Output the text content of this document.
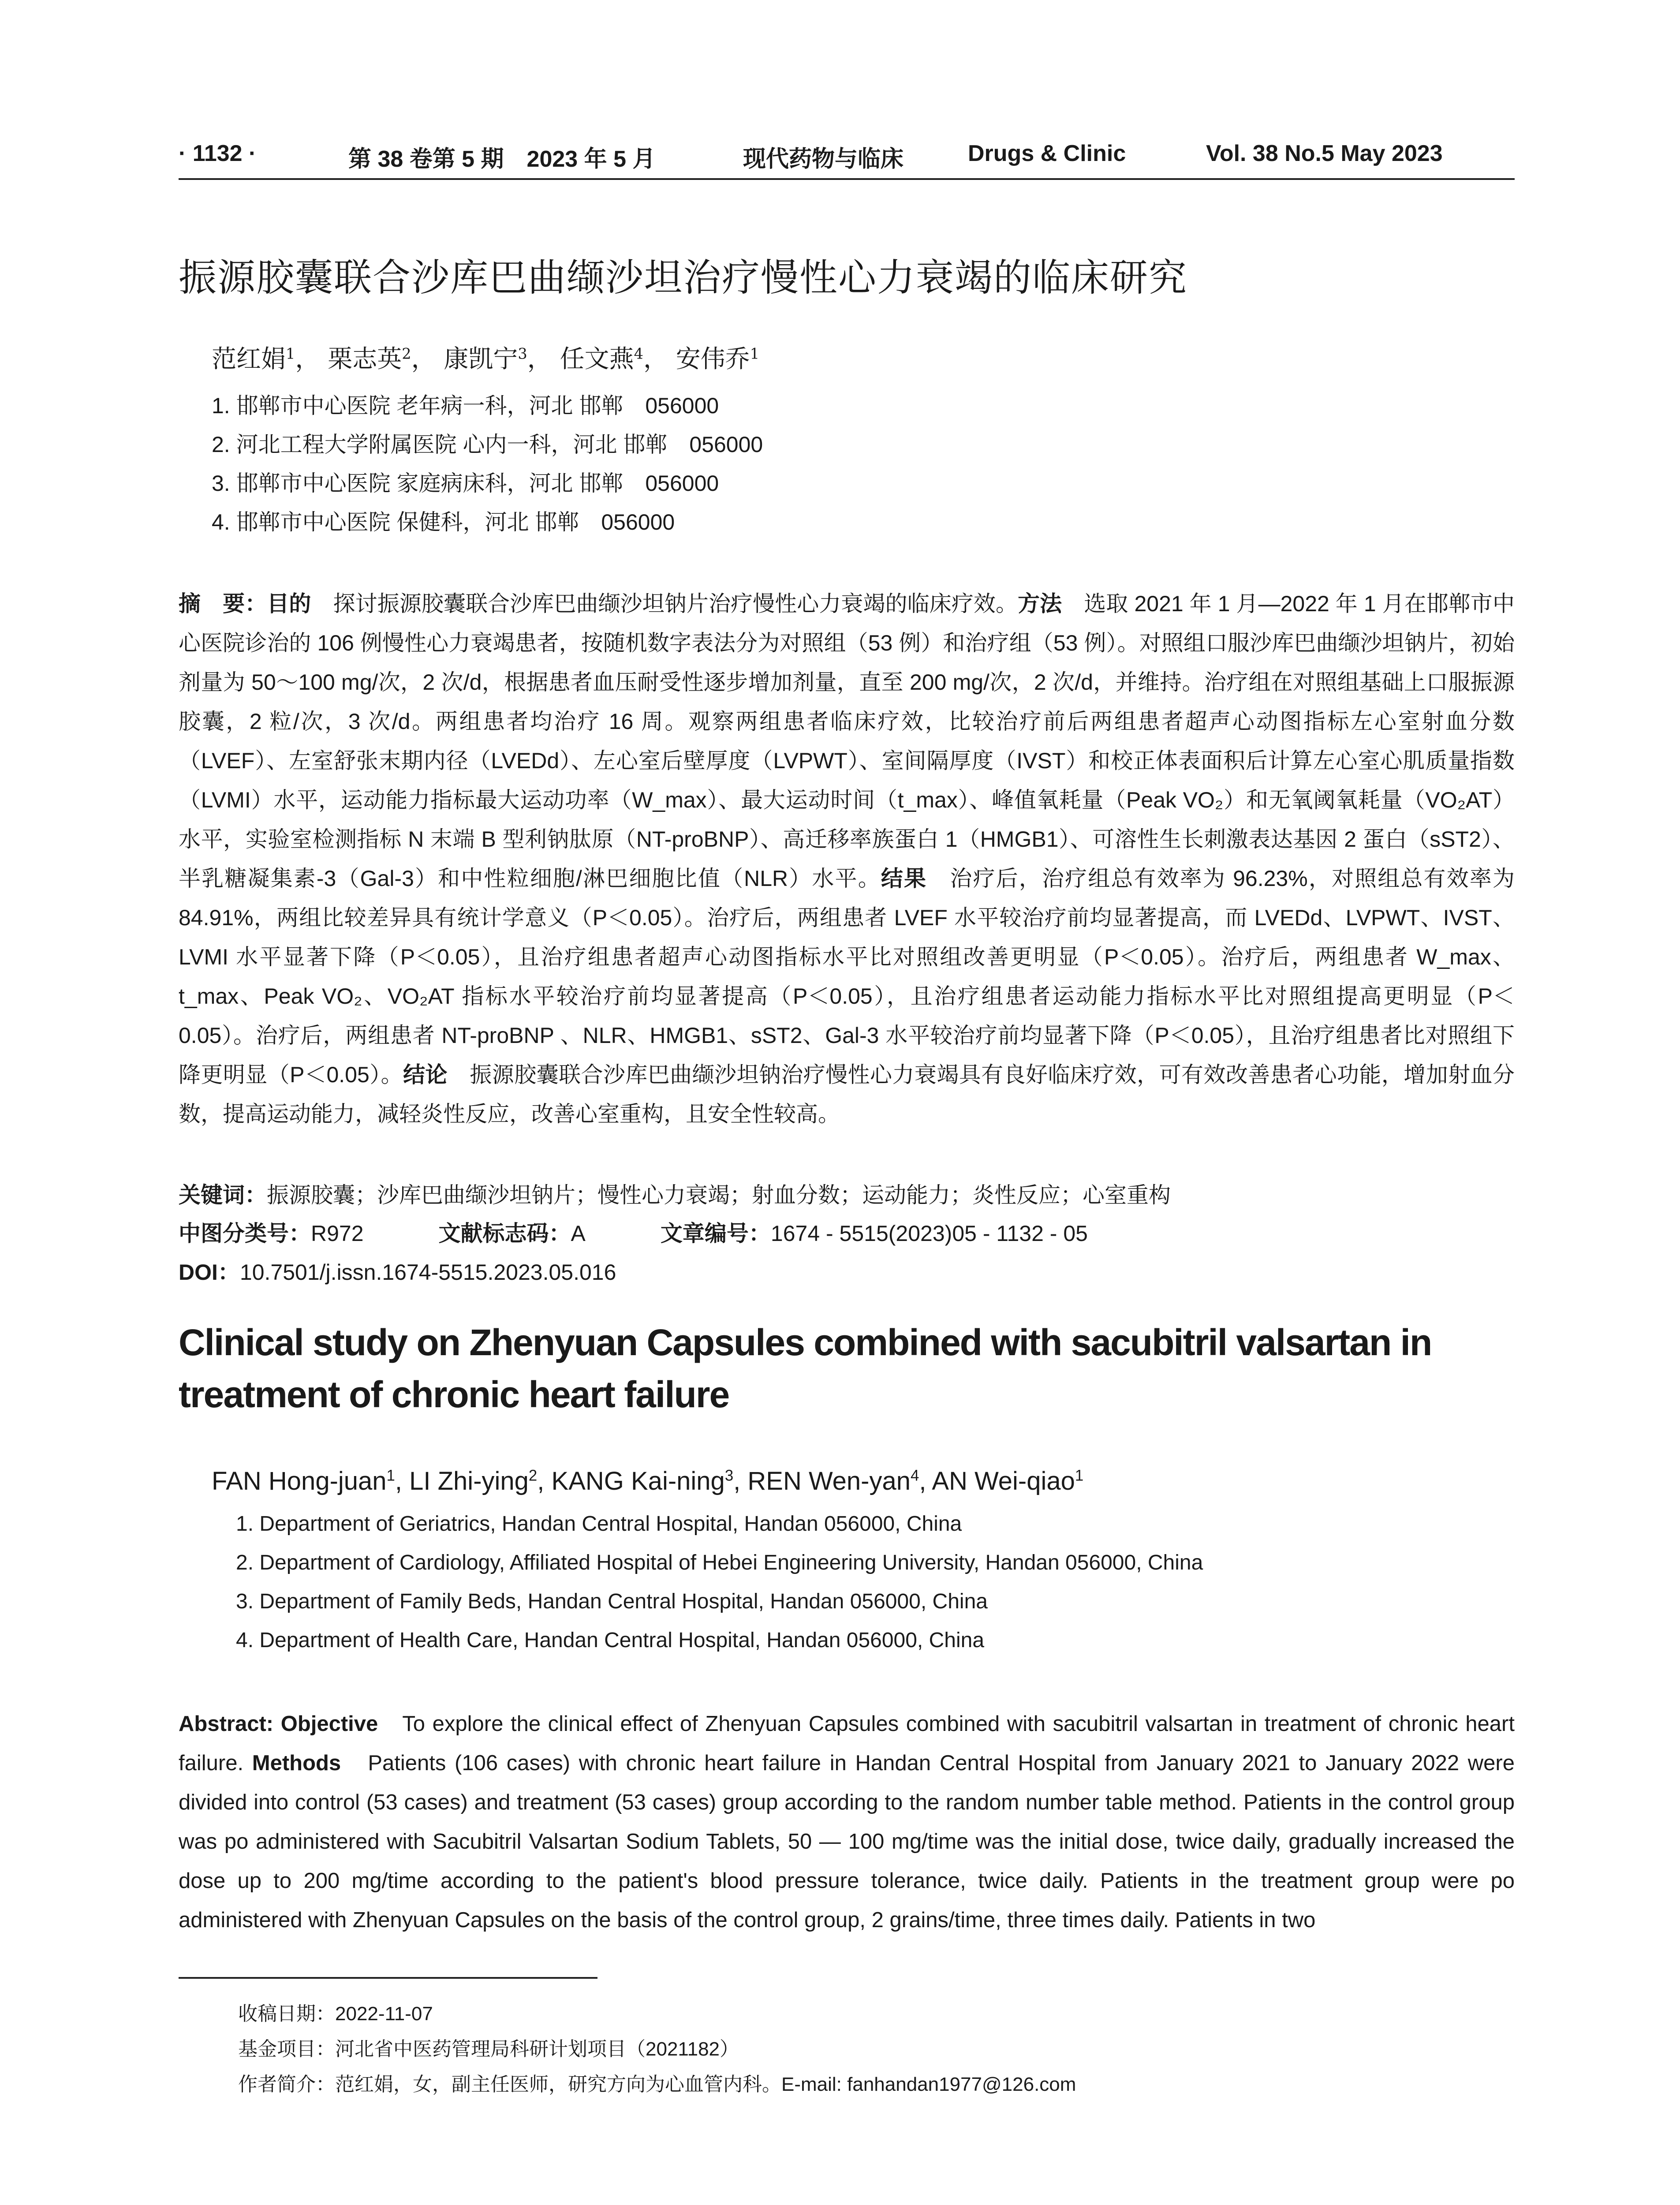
· 1132 ·	第 38 卷第 5 期　2023 年 5 月	现代药物与临床	Drugs & Clinic	Vol. 38 No.5 May 2023
振源胶囊联合沙库巴曲缬沙坦治疗慢性心力衰竭的临床研究
范红娟$^1$， 栗志英$^2$， 康凯宁$^3$， 任文燕$^4$， 安伟乔$^1$
1. 邯郸市中心医院 老年病一科，河北 邯郸　056000
2. 河北工程大学附属医院 心内一科，河北 邯郸　056000
3. 邯郸市中心医院 家庭病床科，河北 邯郸　056000
4. 邯郸市中心医院 保健科，河北 邯郸　056000
摘　要：目的　探讨振源胶囊联合沙库巴曲缬沙坦钠片治疗慢性心力衰竭的临床疗效。方法　选取 2021 年 1 月—2022 年 1 月在邯郸市中心医院诊治的 106 例慢性心力衰竭患者，按随机数字表法分为对照组（53 例）和治疗组（53 例）。对照组口服沙库巴曲缬沙坦钠片，初始剂量为 50～100 mg/次，2 次/d，根据患者血压耐受性逐步增加剂量，直至 200 mg/次，2 次/d，并维持。治疗组在对照组基础上口服振源胶囊，2 粒/次，3 次/d。两组患者均治疗 16 周。观察两组患者临床疗效，比较治疗前后两组患者超声心动图指标左心室射血分数（LVEF）、左室舒张末期内径（LVEDd）、左心室后壁厚度（LVPWT）、室间隔厚度（IVST）和校正体表面积后计算左心室心肌质量指数（LVMI）水平，运动能力指标最大运动功率（W_max）、最大运动时间（t_max）、峰值氧耗量（Peak VO₂）和无氧阈氧耗量（VO₂AT）水平，实验室检测指标 N 末端 B 型利钠肽原（NT-proBNP）、高迁移率族蛋白 1（HMGB1）、可溶性生长刺激表达基因 2 蛋白（sST2）、半乳糖凝集素-3（Gal-3）和中性粒细胞/淋巴细胞比值（NLR）水平。结果　治疗后，治疗组总有效率为 96.23%，对照组总有效率为 84.91%，两组比较差异具有统计学意义（P＜0.05）。治疗后，两组患者 LVEF 水平较治疗前均显著提高，而 LVEDd、LVPWT、IVST、LVMI 水平显著下降（P＜0.05），且治疗组患者超声心动图指标水平比对照组改善更明显（P＜0.05）。治疗后，两组患者 W_max、t_max、Peak VO₂、VO₂AT 指标水平较治疗前均显著提高（P＜0.05），且治疗组患者运动能力指标水平比对照组提高更明显（P＜0.05）。治疗后，两组患者 NT-proBNP 、NLR、HMGB1、sST2、Gal-3 水平较治疗前均显著下降（P＜0.05），且治疗组患者比对照组下降更明显（P＜0.05）。结论　振源胶囊联合沙库巴曲缬沙坦钠治疗慢性心力衰竭具有良好临床疗效，可有效改善患者心功能，增加射血分数，提高运动能力，减轻炎性反应，改善心室重构，且安全性较高。
关键词：振源胶囊；沙库巴曲缬沙坦钠片；慢性心力衰竭；射血分数；运动能力；炎性反应；心室重构
中图分类号：R972	文献标志码：A	文章编号：1674 - 5515(2023)05 - 1132 - 05
DOI：10.7501/j.issn.1674-5515.2023.05.016
Clinical study on Zhenyuan Capsules combined with sacubitril valsartan in treatment of chronic heart failure
FAN Hong-juan$^1$, LI Zhi-ying$^2$, KANG Kai-ning$^3$, REN Wen-yan$^4$, AN Wei-qiao$^1$
1. Department of Geriatrics, Handan Central Hospital, Handan 056000, China
2. Department of Cardiology, Affiliated Hospital of Hebei Engineering University, Handan 056000, China
3. Department of Family Beds, Handan Central Hospital, Handan 056000, China
4. Department of Health Care, Handan Central Hospital, Handan 056000, China
Abstract: Objective　To explore the clinical effect of Zhenyuan Capsules combined with sacubitril valsartan in treatment of chronic heart failure. Methods　Patients (106 cases) with chronic heart failure in Handan Central Hospital from January 2021 to January 2022 were divided into control (53 cases) and treatment (53 cases) group according to the random number table method. Patients in the control group was po administered with Sacubitril Valsartan Sodium Tablets, 50 — 100 mg/time was the initial dose, twice daily, gradually increased the dose up to 200 mg/time according to the patient's blood pressure tolerance, twice daily. Patients in the treatment group were po administered with Zhenyuan Capsules on the basis of the control group, 2 grains/time, three times daily. Patients in two
收稿日期：2022-11-07
基金项目：河北省中医药管理局科研计划项目（2021182）
作者简介：范红娟，女，副主任医师，研究方向为心血管内科。E-mail: fanhandan1977@126.com
